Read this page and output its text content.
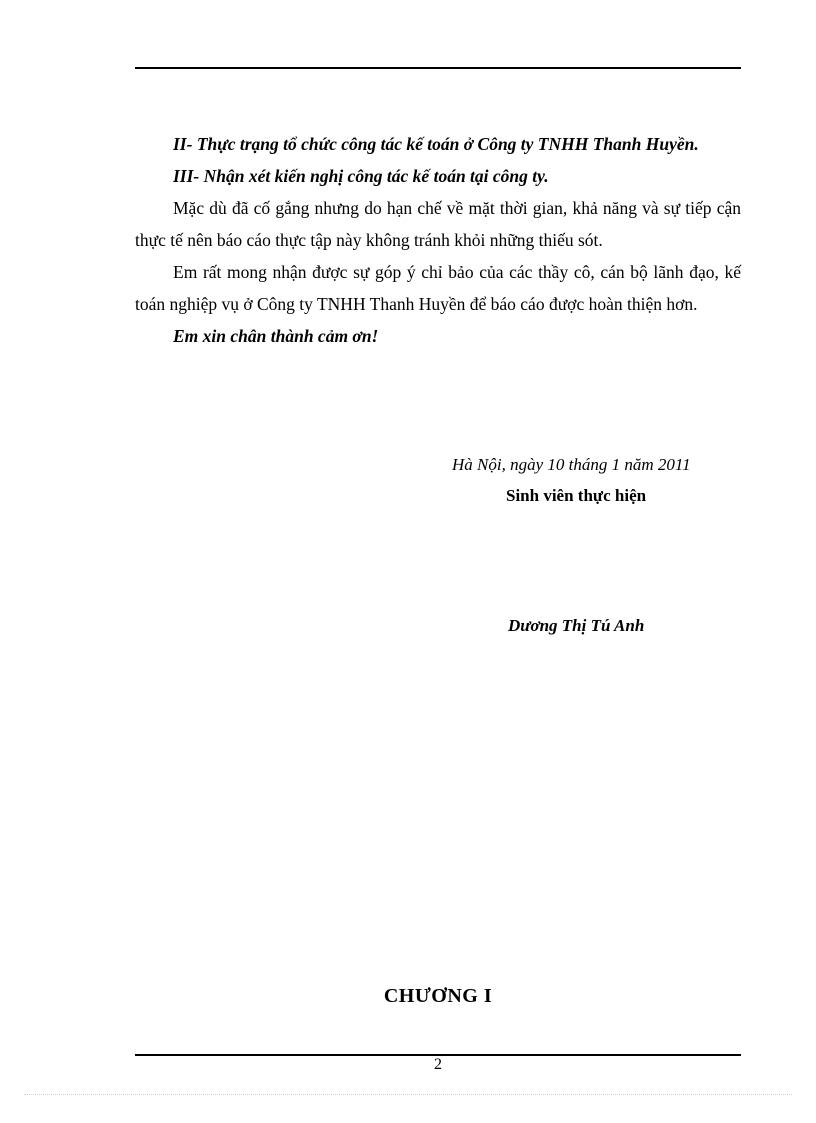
II- Thực trạng tổ chức công tác kế toán ở Công ty TNHH Thanh Huyền.

III- Nhận xét kiến nghị công tác kế toán tại công ty.

Mặc dù đã cố gắng nhưng do hạn chế về mặt thời gian, khả năng và sự tiếp cận thực tế nên báo cáo thực tập này không tránh khỏi những thiếu sót.

Em rất mong nhận được sự góp ý chỉ bảo của các thầy cô, cán bộ lãnh đạo, kế toán nghiệp vụ ở Công ty TNHH Thanh Huyền để báo cáo được hoàn thiện hơn.

Em xin chân thành cảm ơn!

Hà Nội, ngày 10 tháng 1 năm 2011
Sinh viên thực hiện
Dương Thị Tú Anh
CHƯƠNG I
2
